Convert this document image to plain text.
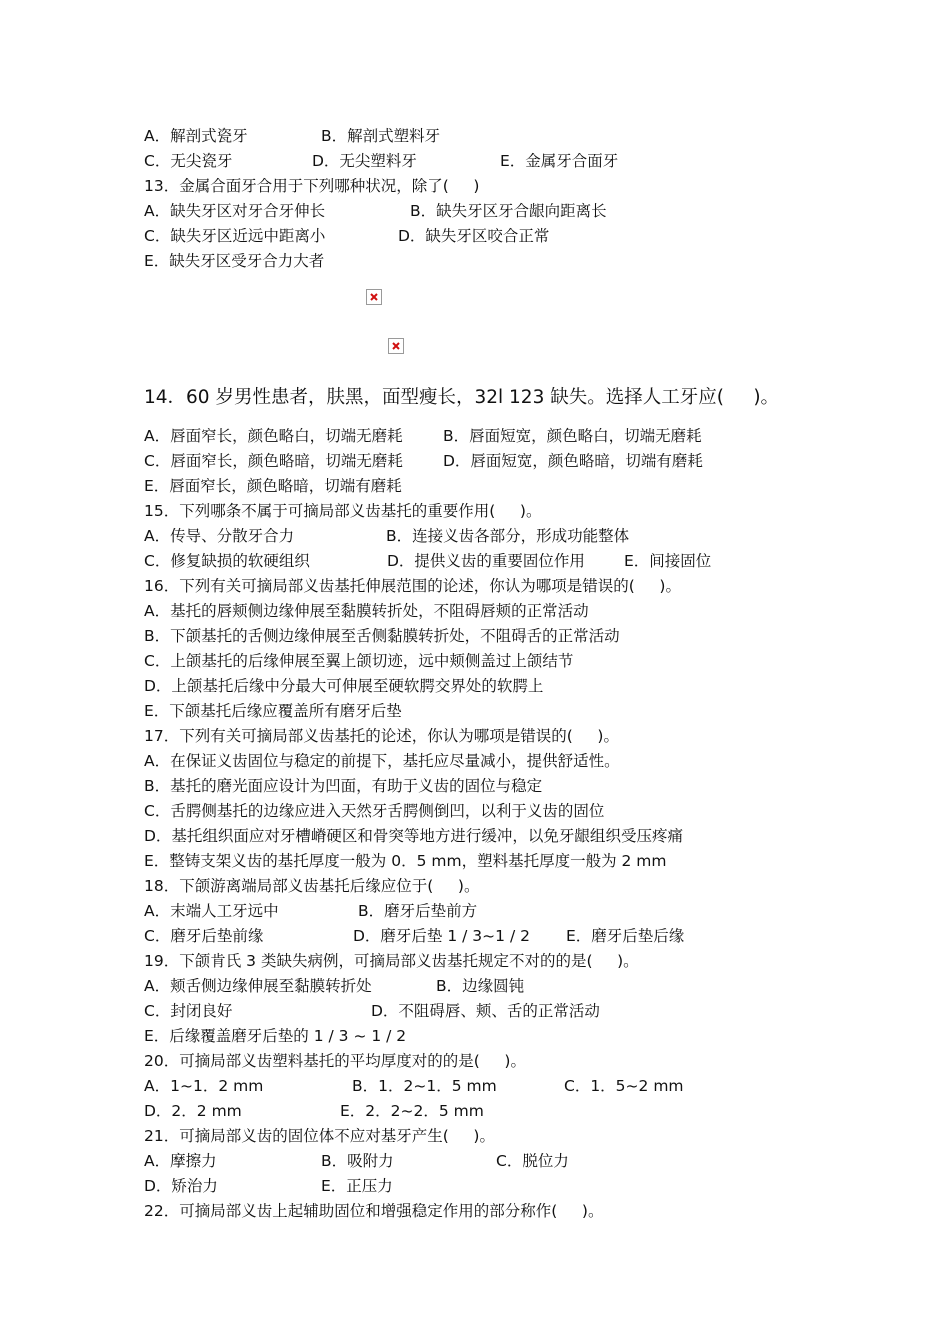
A．解剖式瓷牙

	B．解剖式塑料牙

C．无尖瓷牙

	D．无尖塑料牙

	E．金属牙合面牙

13．金属合面牙合用于下列哪种状况，除了(     )

A．缺失牙区对牙合牙伸长

	B．缺失牙区牙合龈向距离长

C．缺失牙区近远中距离小

	D．缺失牙区咬合正常

E．缺失牙区受牙合力大者

14．60 岁男性患者，肤黑，面型瘦长，32l 123 缺失。选择人工牙应(     )。

A．唇面窄长，颜色略白，切端无磨耗

	B．唇面短宽，颜色略白，切端无磨耗

C．唇面窄长，颜色略暗，切端无磨耗

	D．唇面短宽，颜色略暗，切端有磨耗

E．唇面窄长，颜色略暗，切端有磨耗

15．下列哪条不属于可摘局部义齿基托的重要作用(     )。

A．传导、分散牙合力

	B．连接义齿各部分，形成功能整体

C．修复缺损的软硬组织

	D．提供义齿的重要固位作用

	E．间接固位

16．下列有关可摘局部义齿基托伸展范围的论述，你认为哪项是错误的(     )。

A．基托的唇颊侧边缘伸展至黏膜转折处，不阻碍唇颊的正常活动

B．下颌基托的舌侧边缘伸展至舌侧黏膜转折处，不阻碍舌的正常活动

C．上颌基托的后缘伸展至翼上颌切迹，远中颊侧盖过上颌结节

D．上颌基托后缘中分最大可伸展至硬软腭交界处的软腭上

E．下颌基托后缘应覆盖所有磨牙后垫

17．下列有关可摘局部义齿基托的论述，你认为哪项是错误的(     )。

A．在保证义齿固位与稳定的前提下，基托应尽量减小，提供舒适性。

B．基托的磨光面应设计为凹面，有助于义齿的固位与稳定

C．舌腭侧基托的边缘应进入天然牙舌腭侧倒凹，以利于义齿的固位

D．基托组织面应对牙槽嵴硬区和骨突等地方进行缓冲，以免牙龈组织受压疼痛

E．整铸支架义齿的基托厚度一般为 0．5 mm，塑料基托厚度一般为 2 mm

18．下颌游离端局部义齿基托后缘应位于(     )。

A．末端人工牙远中

	B．磨牙后垫前方

C．磨牙后垫前缘

	D．磨牙后垫 1 / 3~1 / 2

E．磨牙后垫后缘

19．下颌肯氏 3 类缺失病例，可摘局部义齿基托规定不对的的是(     )。

A．颊舌侧边缘伸展至黏膜转折处

	B．边缘圆钝

C．封闭良好

	D．不阻碍唇、颊、舌的正常活动

E．后缘覆盖磨牙后垫的 1 / 3 ~ 1 / 2

20．可摘局部义齿塑料基托的平均厚度对的的是(     )。

A．1~1．2 mm

	B．1．2~1．5 mm

	C．1．5~2 mm

D．2．2 mm

	E．2．2~2．5 mm

21．可摘局部义齿的固位体不应对基牙产生(     )。

A．摩擦力

	B．吸附力

	C．脱位力

D．矫治力

	E．正压力

22．可摘局部义齿上起辅助固位和增强稳定作用的部分称作(     )。
